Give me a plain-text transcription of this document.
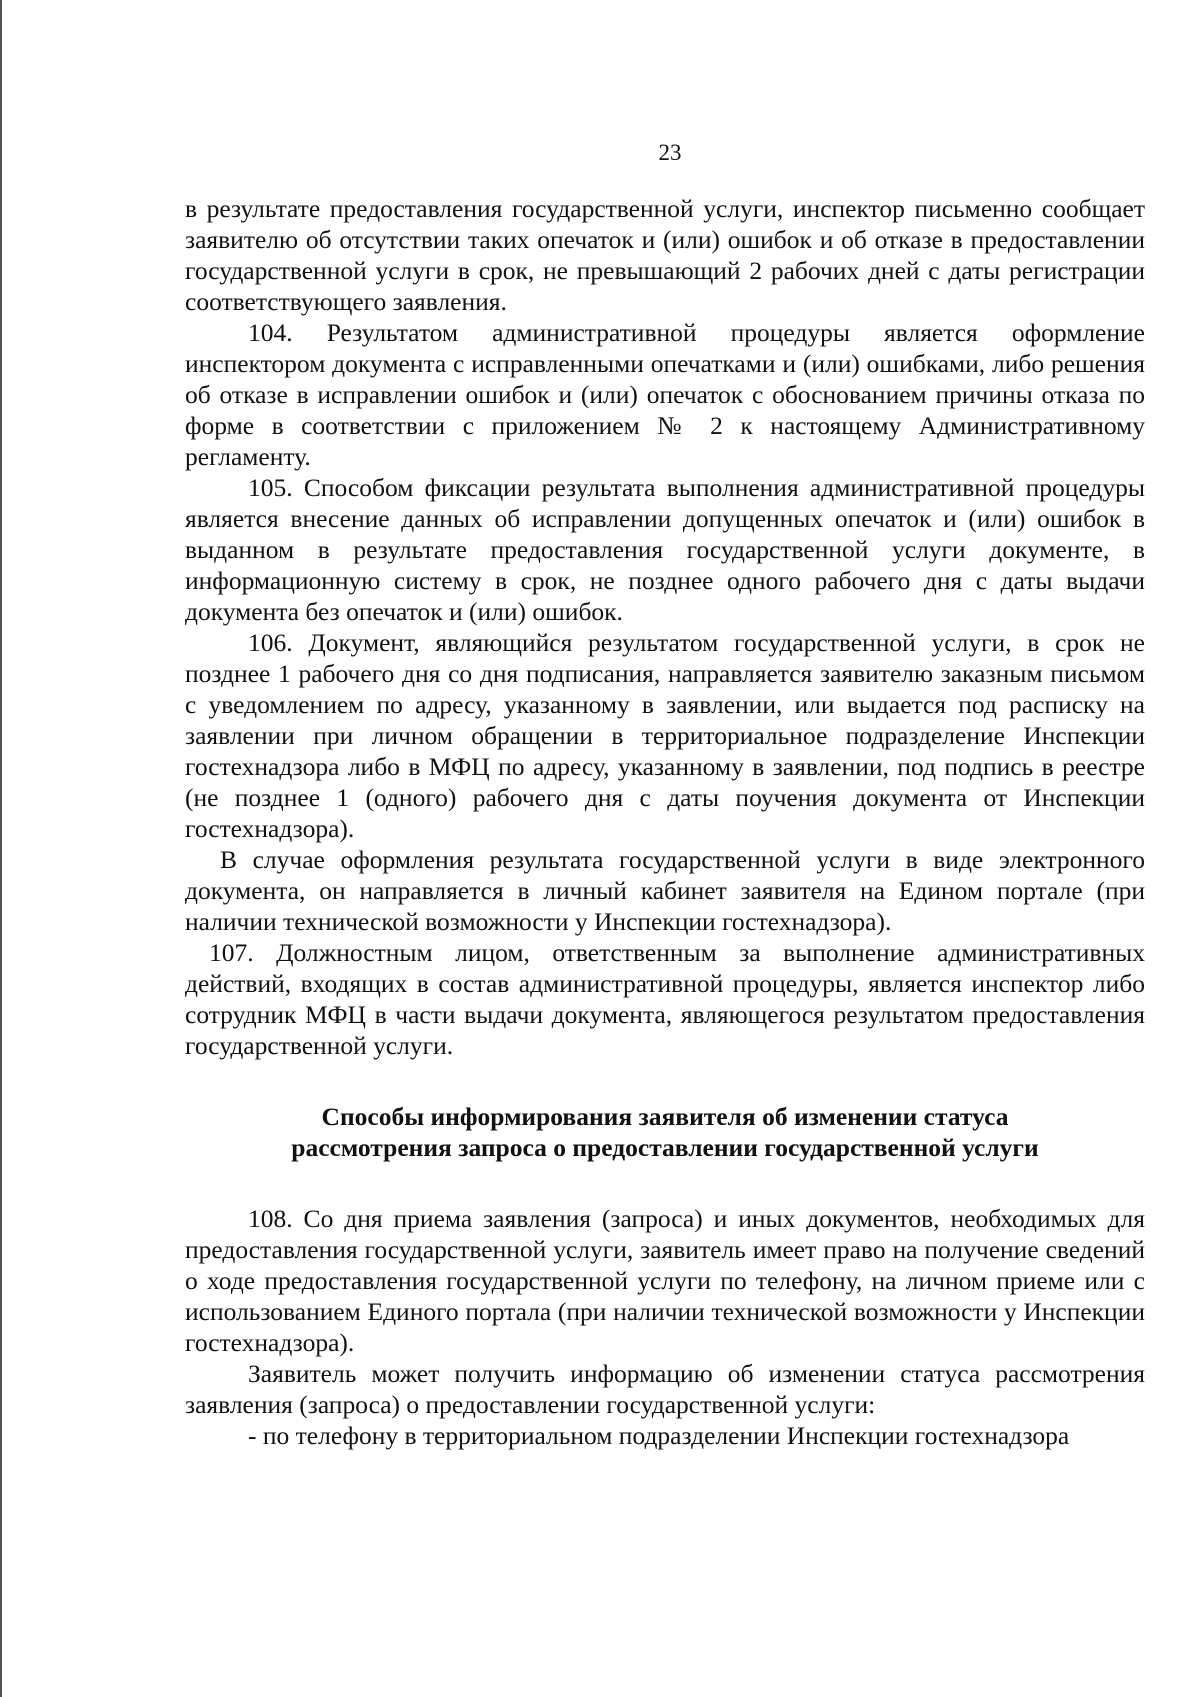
23

в результате предоставления государственной услуги, инспектор письменно сообщает заявителю об отсутствии таких опечаток и (или) ошибок и об отказе в предоставлении государственной услуги в срок, не превышающий 2 рабочих дней с даты регистрации соответствующего заявления.

104. Результатом административной процедуры является оформление инспектором документа с исправленными опечатками и (или) ошибками, либо решения об отказе в исправлении ошибок и (или) опечаток с обоснованием причины отказа по форме в соответствии с приложением № 2 к настоящему Административному регламенту.

105. Способом фиксации результата выполнения административной процедуры является внесение данных об исправлении допущенных опечаток и (или) ошибок в выданном в результате предоставления государственной услуги документе, в информационную систему в срок, не позднее одного рабочего дня с даты выдачи документа без опечаток и (или) ошибок.

106. Документ, являющийся результатом государственной услуги, в срок не позднее 1 рабочего дня со дня подписания, направляется заявителю заказным письмом с уведомлением по адресу, указанному в заявлении, или выдается под расписку на заявлении при личном обращении в территориальное подразделение Инспекции гостехнадзора либо в МФЦ по адресу, указанному в заявлении, под подпись в реестре (не позднее 1 (одного) рабочего дня с даты поучения документа от Инспекции гостехнадзора).

В случае оформления результата государственной услуги в виде электронного документа, он направляется в личный кабинет заявителя на Едином портале (при наличии технической возможности у Инспекции гостехнадзора).

107. Должностным лицом, ответственным за выполнение административных действий, входящих в состав административной процедуры, является инспектор либо сотрудник МФЦ в части выдачи документа, являющегося результатом предоставления государственной услуги.

Способы информирования заявителя об изменении статуса
рассмотрения запроса о предоставлении государственной услуги

108. Со дня приема заявления (запроса) и иных документов, необходимых для предоставления государственной услуги, заявитель имеет право на получение сведений о ходе предоставления государственной услуги по телефону, на личном приеме или с использованием Единого портала (при наличии технической возможности у Инспекции гостехнадзора).

Заявитель может получить информацию об изменении статуса рассмотрения заявления (запроса) о предоставлении государственной услуги:

- по телефону в территориальном подразделении Инспекции гостехнадзора
